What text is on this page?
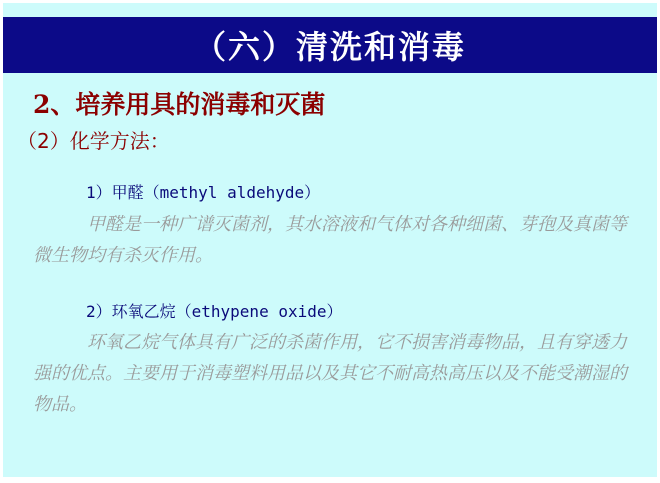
（六）清洗和消毒
2、培养用具的消毒和灭菌
（2）化学方法：
1）甲醛（methyl aldehyde）
甲醛是一种广谱灭菌剂，其水溶液和气体对各种细菌、芽孢及真菌等微生物均有杀灭作用。
2）环氧乙烷（ethypene oxide）
环氧乙烷气体具有广泛的杀菌作用，它不损害消毒物品，且有穿透力强的优点。主要用于消毒塑料用品以及其它不耐高热高压以及不能受潮湿的物品。
